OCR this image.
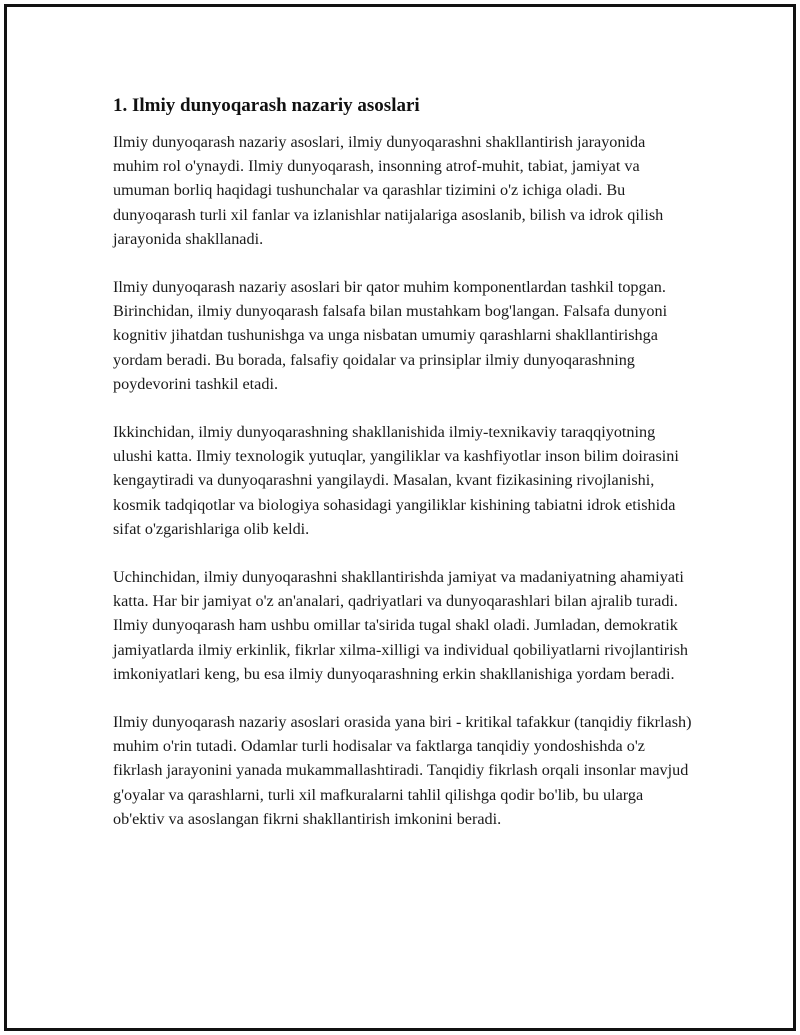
1. Ilmiy dunyoqarash nazariy asoslari

Ilmiy dunyoqarash nazariy asoslari, ilmiy dunyoqarashni shakllantirish jarayonida muhim rol o'ynaydi. Ilmiy dunyoqarash, insonning atrof-muhit, tabiat, jamiyat va umuman borliq haqidagi tushunchalar va qarashlar tizimini o'z ichiga oladi. Bu dunyoqarash turli xil fanlar va izlanishlar natijalariga asoslanib, bilish va idrok qilish jarayonida shakllanadi.

Ilmiy dunyoqarash nazariy asoslari bir qator muhim komponentlardan tashkil topgan. Birinchidan, ilmiy dunyoqarash falsafa bilan mustahkam bog'langan. Falsafa dunyoni kognitiv jihatdan tushunishga va unga nisbatan umumiy qarashlarni shakllantirishga yordam beradi. Bu borada, falsafiy qoidalar va prinsiplar ilmiy dunyoqarashning poydevorini tashkil etadi.

Ikkinchidan, ilmiy dunyoqarashning shakllanishida ilmiy-texnikaviy taraqqiyotning ulushi katta. Ilmiy texnologik yutuqlar, yangiliklar va kashfiyotlar inson bilim doirasini kengaytiradi va dunyoqarashni yangilaydi. Masalan, kvant fizikasining rivojlanishi, kosmik tadqiqotlar va biologiya sohasidagi yangiliklar kishining tabiatni idrok etishida sifat o'zgarishlariga olib keldi.

Uchinchidan, ilmiy dunyoqarashni shakllantirishda jamiyat va madaniyatning ahamiyati katta. Har bir jamiyat o'z an'analari, qadriyatlari va dunyoqarashlari bilan ajralib turadi. Ilmiy dunyoqarash ham ushbu omillar ta'sirida tugal shakl oladi. Jumladan, demokratik jamiyatlarda ilmiy erkinlik, fikrlar xilma-xilligi va individual qobiliyatlarni rivojlantirish imkoniyatlari keng, bu esa ilmiy dunyoqarashning erkin shakllanishiga yordam beradi.

Ilmiy dunyoqarash nazariy asoslari orasida yana biri - kritikal tafakkur (tanqidiy fikrlash) muhim o'rin tutadi. Odamlar turli hodisalar va faktlarga tanqidiy yondoshishda o'z fikrlash jarayonini yanada mukammallashtiradi. Tanqidiy fikrlash orqali insonlar mavjud g'oyalar va qarashlarni, turli xil mafkuralarni tahlil qilishga qodir bo'lib, bu ularga ob'ektiv va asoslangan fikrni shakllantirish imkonini beradi.
